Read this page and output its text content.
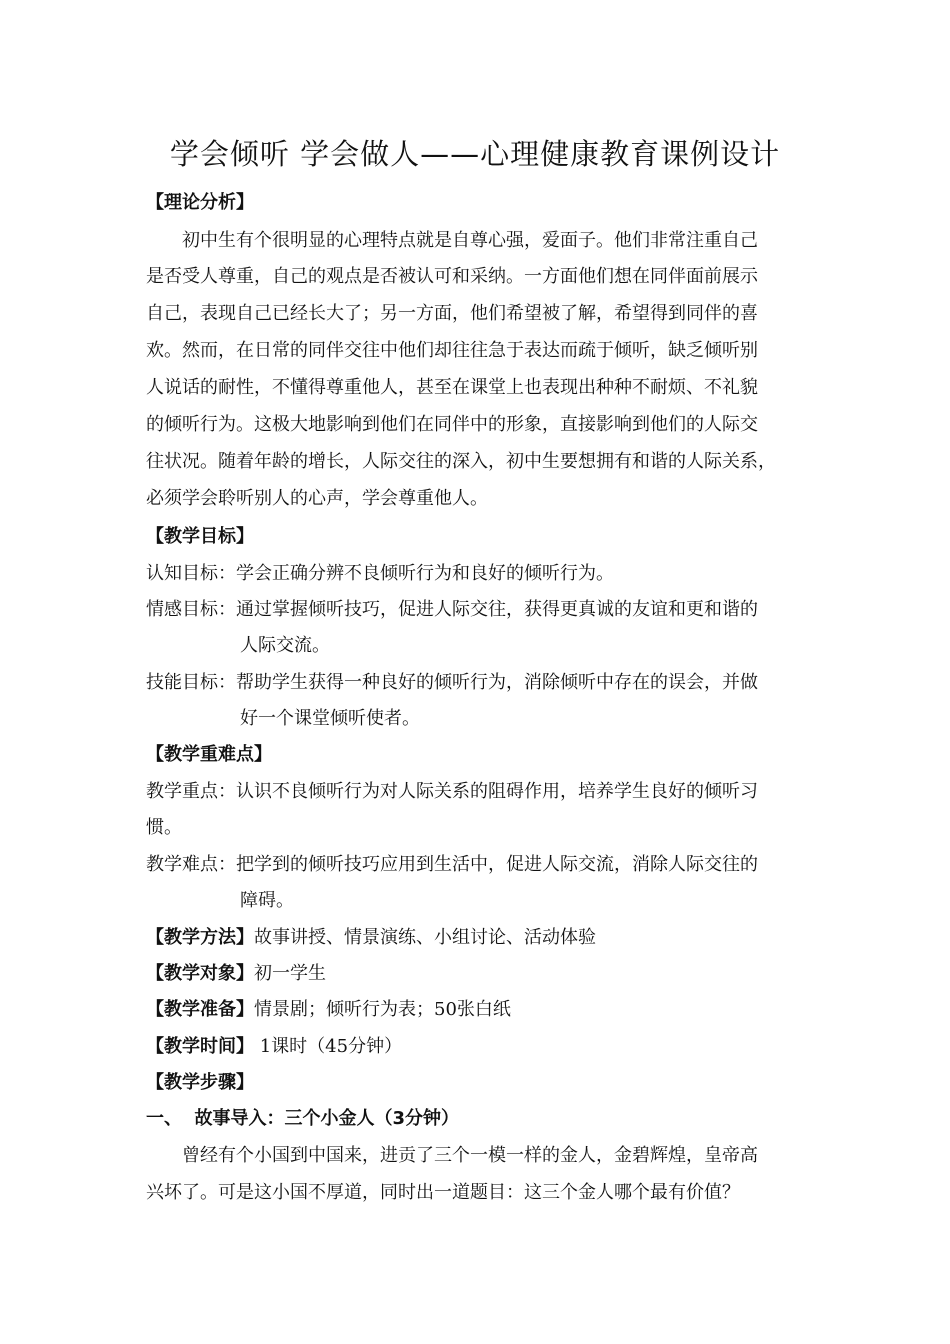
学会倾听 学会做人——心理健康教育课例设计
【理论分析】
初中生有个很明显的心理特点就是自尊心强，爱面子。他们非常注重自己
是否受人尊重，自己的观点是否被认可和采纳。一方面他们想在同伴面前展示
自己，表现自己已经长大了；另一方面，他们希望被了解，希望得到同伴的喜
欢。然而，在日常的同伴交往中他们却往往急于表达而疏于倾听，缺乏倾听别
人说话的耐性，不懂得尊重他人，甚至在课堂上也表现出种种不耐烦、不礼貌
的倾听行为。这极大地影响到他们在同伴中的形象，直接影响到他们的人际交
往状况。随着年龄的增长，人际交往的深入，初中生要想拥有和谐的人际关系，
必须学会聆听别人的心声，学会尊重他人。
【教学目标】
认知目标：学会正确分辨不良倾听行为和良好的倾听行为。
情感目标：通过掌握倾听技巧，促进人际交往，获得更真诚的友谊和更和谐的
人际交流。
技能目标：帮助学生获得一种良好的倾听行为，消除倾听中存在的误会，并做
好一个课堂倾听使者。
【教学重难点】
教学重点：认识不良倾听行为对人际关系的阻碍作用，培养学生良好的倾听习
惯。
教学难点：把学到的倾听技巧应用到生活中，促进人际交流，消除人际交往的
障碍。
【教学方法】故事讲授、情景演练、小组讨论、活动体验
【教学对象】初一学生
【教学准备】情景剧；倾听行为表；50张白纸
【教学时间】 1课时（45分钟）
【教学步骤】
一、  故事导入：三个小金人（3分钟）
曾经有个小国到中国来，进贡了三个一模一样的金人，金碧辉煌，皇帝高
兴坏了。可是这小国不厚道，同时出一道题目：这三个金人哪个最有价值？
